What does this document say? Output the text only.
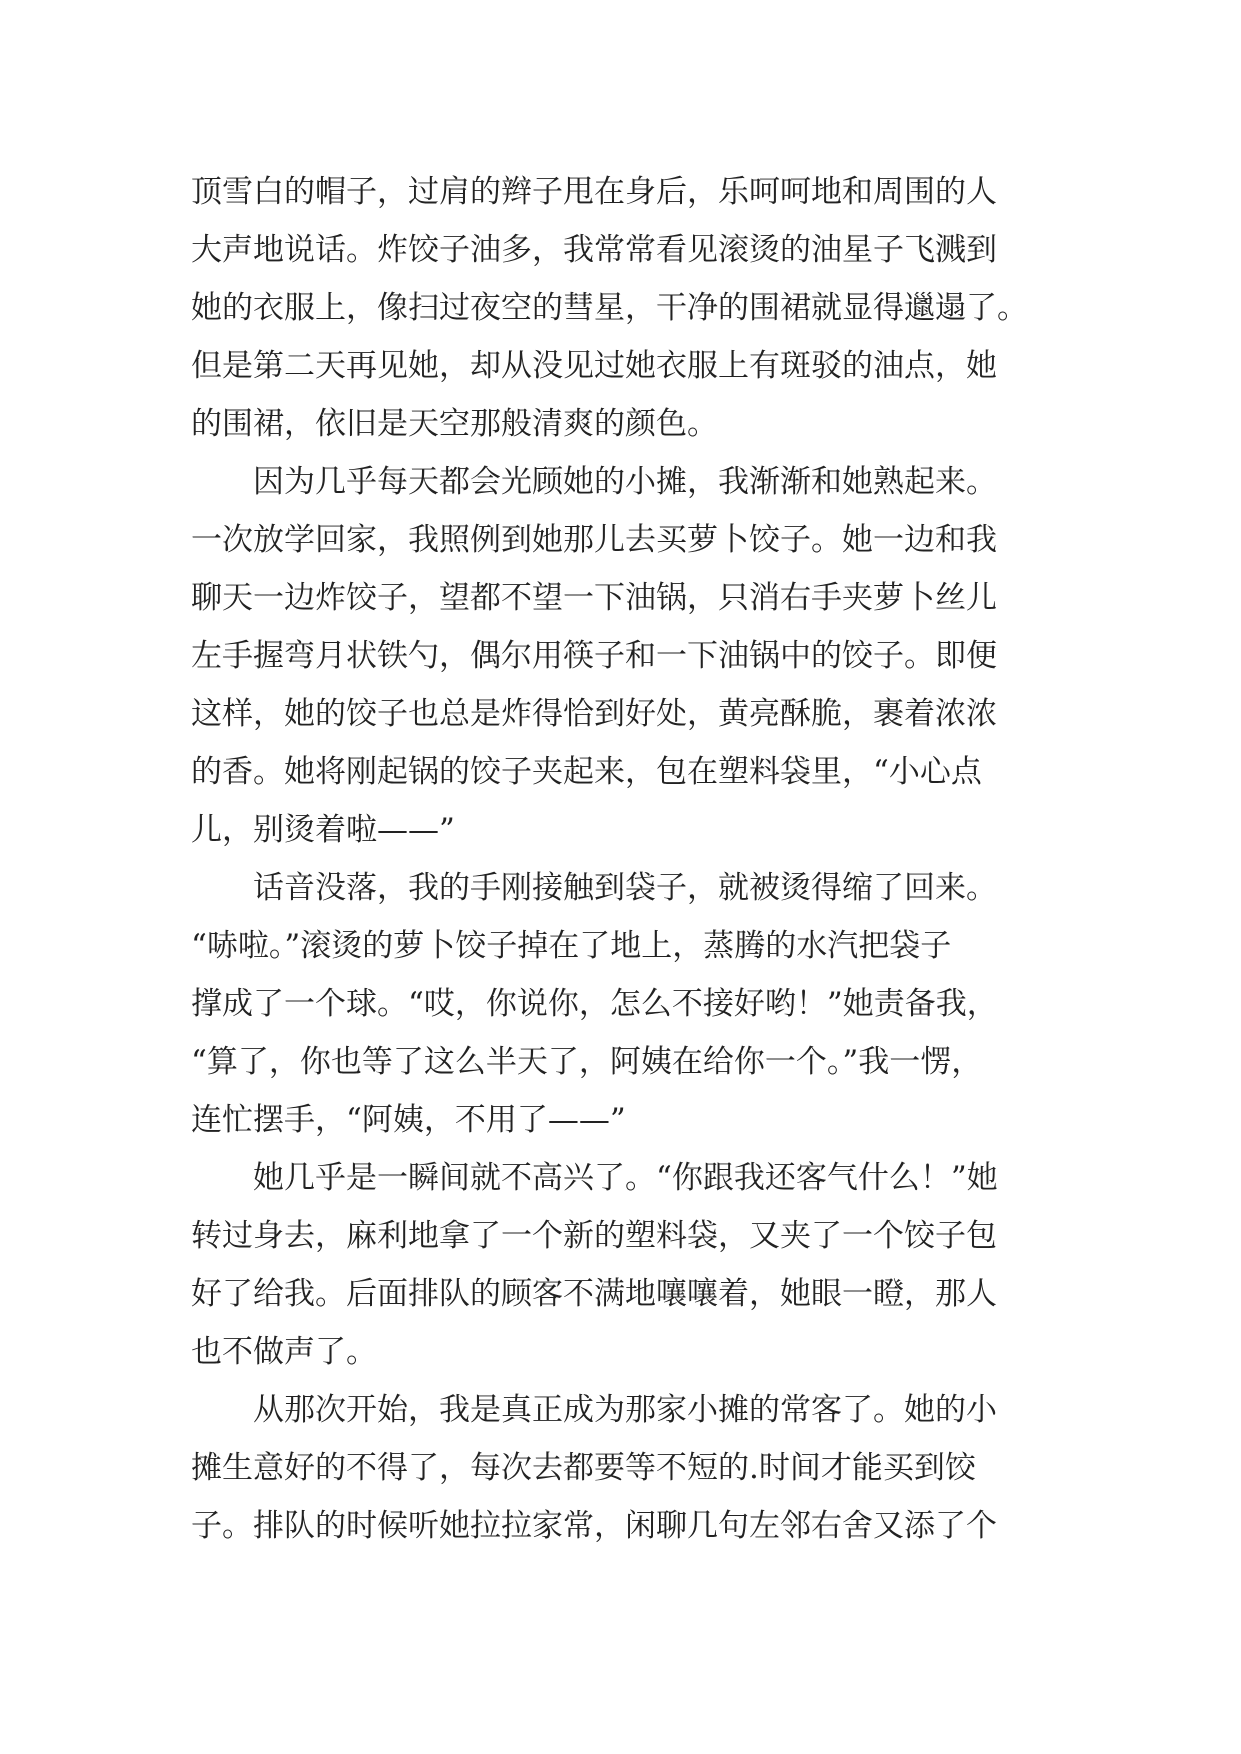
顶雪白的帽子，过肩的辫子甩在身后，乐呵呵地和周围的人
大声地说话。炸饺子油多，我常常看见滚烫的油星子飞溅到
她的衣服上，像扫过夜空的彗星，干净的围裙就显得邋遢了。
但是第二天再见她，却从没见过她衣服上有斑驳的油点，她
的围裙，依旧是天空那般清爽的颜色。
　　因为几乎每天都会光顾她的小摊，我渐渐和她熟起来。
一次放学回家，我照例到她那儿去买萝卜饺子。她一边和我
聊天一边炸饺子，望都不望一下油锅，只消右手夹萝卜丝儿
左手握弯月状铁勺，偶尔用筷子和一下油锅中的饺子。即便
这样，她的饺子也总是炸得恰到好处，黄亮酥脆，裹着浓浓
的香。她将刚起锅的饺子夹起来，包在塑料袋里，“小心点
儿，别烫着啦——”
　　话音没落，我的手刚接触到袋子，就被烫得缩了回来。
“哧啦。”滚烫的萝卜饺子掉在了地上，蒸腾的水汽把袋子
撑成了一个球。“哎，你说你，怎么不接好哟！”她责备我，
“算了，你也等了这么半天了，阿姨在给你一个。”我一愣，
连忙摆手，“阿姨，不用了——”
　　她几乎是一瞬间就不高兴了。“你跟我还客气什么！”她
转过身去，麻利地拿了一个新的塑料袋，又夹了一个饺子包
好了给我。后面排队的顾客不满地嚷嚷着，她眼一瞪，那人
也不做声了。
　　从那次开始，我是真正成为那家小摊的常客了。她的小
摊生意好的不得了，每次去都要等不短的.时间才能买到饺
子。排队的时候听她拉拉家常，闲聊几句左邻右舍又添了个
